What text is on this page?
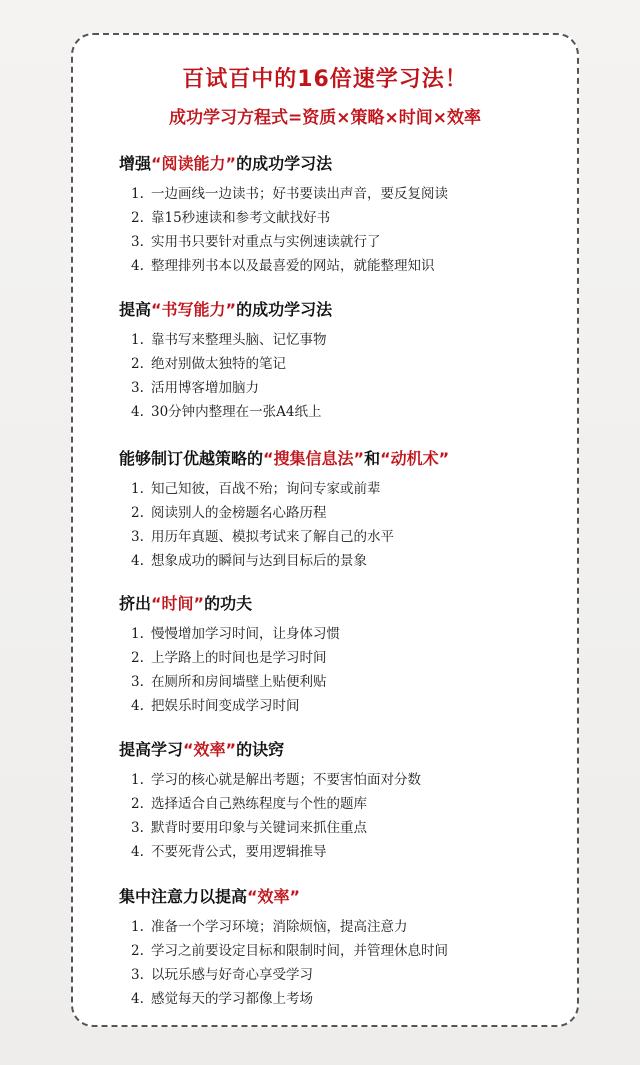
百试百中的16倍速学习法！
成功学习方程式=资质×策略×时间×效率
增强“阅读能力”的成功学习法
1. 一边画线一边读书；好书要读出声音，要反复阅读
2. 靠15秒速读和参考文献找好书
3. 实用书只要针对重点与实例速读就行了
4. 整理排列书本以及最喜爱的网站，就能整理知识
提高“书写能力”的成功学习法
1. 靠书写来整理头脑、记忆事物
2. 绝对别做太独特的笔记
3. 活用博客增加脑力
4. 30分钟内整理在一张A4纸上
能够制订优越策略的“搜集信息法”和“动机术”
1. 知己知彼，百战不殆；询问专家或前辈
2. 阅读别人的金榜题名心路历程
3. 用历年真题、模拟考试来了解自己的水平
4. 想象成功的瞬间与达到目标后的景象
挤出“时间”的功夫
1. 慢慢增加学习时间，让身体习惯
2. 上学路上的时间也是学习时间
3. 在厕所和房间墙壁上贴便利贴
4. 把娱乐时间变成学习时间
提高学习“效率”的诀窍
1. 学习的核心就是解出考题；不要害怕面对分数
2. 选择适合自己熟练程度与个性的题库
3. 默背时要用印象与关键词来抓住重点
4. 不要死背公式，要用逻辑推导
集中注意力以提高“效率”
1. 准备一个学习环境；消除烦恼，提高注意力
2. 学习之前要设定目标和限制时间，并管理休息时间
3. 以玩乐感与好奇心享受学习
4. 感觉每天的学习都像上考场
